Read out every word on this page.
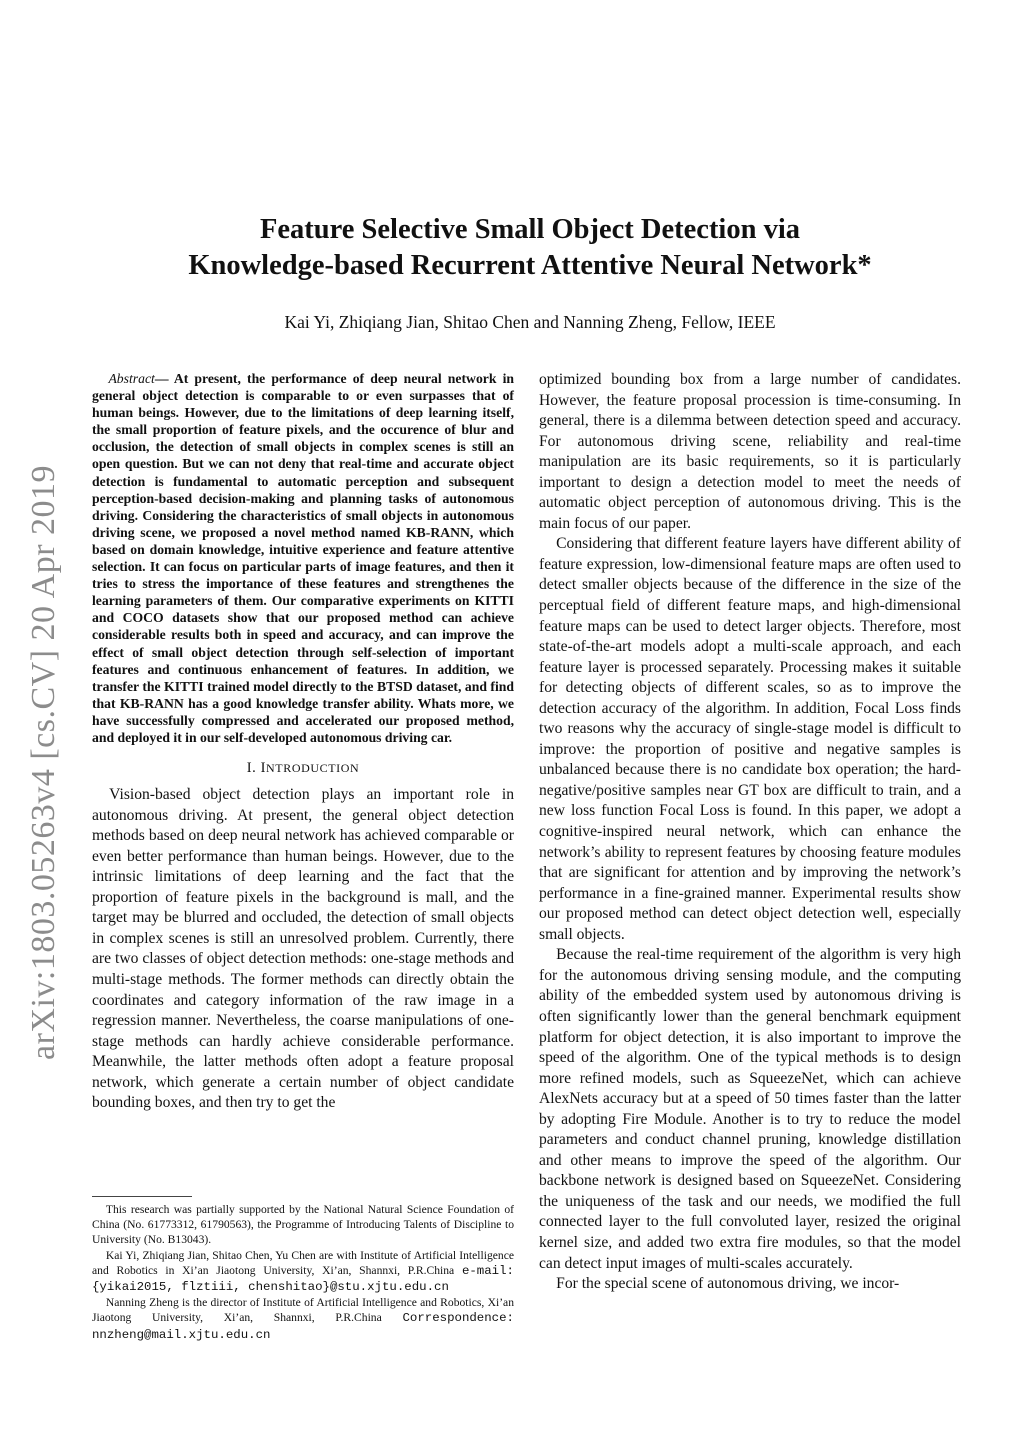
arXiv:1803.05263v4 [cs.CV] 20 Apr 2019
Feature Selective Small Object Detection via
Knowledge-based Recurrent Attentive Neural Network*
Kai Yi, Zhiqiang Jian, Shitao Chen and Nanning Zheng, Fellow, IEEE

Abstract— At present, the performance of deep neural network in general object detection is comparable to or even surpasses that of human beings. However, due to the limitations of deep learning itself, the small proportion of feature pixels, and the occurence of blur and occlusion, the detection of small objects in complex scenes is still an open question. But we can not deny that real-time and accurate object detection is fundamental to automatic perception and subsequent perception-based decision-making and planning tasks of autonomous driving. Considering the characteristics of small objects in autonomous driving scene, we proposed a novel method named KB-RANN, which based on domain knowledge, intuitive experience and feature attentive selection. It can focus on particular parts of image features, and then it tries to stress the importance of these features and strengthenes the learning parameters of them. Our comparative experiments on KITTI and COCO datasets show that our proposed method can achieve considerable results both in speed and accuracy, and can improve the effect of small object detection through self-selection of important features and continuous enhancement of features. In addition, we transfer the KITTI trained model directly to the BTSD dataset, and find that KB-RANN has a good knowledge transfer ability. Whats more, we have successfully compressed and accelerated our proposed method, and deployed it in our self-developed autonomous driving car.

I. INTRODUCTION

Vision-based object detection plays an important role in autonomous driving. At present, the general object detection methods based on deep neural network has achieved comparable or even better performance than human beings. However, due to the intrinsic limitations of deep learning and the fact that the proportion of feature pixels in the background is mall, and the target may be blurred and occluded, the detection of small objects in complex scenes is still an unresolved problem. Currently, there are two classes of object detection methods: one-stage methods and multi-stage methods. The former methods can directly obtain the coordinates and category information of the raw image in a regression manner. Nevertheless, the coarse manipulations of one-stage methods can hardly achieve considerable performance. Meanwhile, the latter methods often adopt a feature proposal network, which generate a certain number of object candidate bounding boxes, and then try to get the

This research was partially supported by the National Natural Science Foundation of China (No. 61773312, 61790563), the Programme of Introducing Talents of Discipline to University (No. B13043).

Kai Yi, Zhiqiang Jian, Shitao Chen, Yu Chen are with Institute of Artificial Intelligence and Robotics in Xi’an Jiaotong University, Xi’an, Shannxi, P.R.China e-mail:{yikai2015, flztiii, chenshitao}@stu.xjtu.edu.cn

Nanning Zheng is the director of Institute of Artificial Intelligence and Robotics, Xi’an Jiaotong University, Xi’an, Shannxi, P.R.China Correspondence: nnzheng@mail.xjtu.edu.cn

optimized bounding box from a large number of candidates. However, the feature proposal procession is time-consuming. In general, there is a dilemma between detection speed and accuracy. For autonomous driving scene, reliability and real-time manipulation are its basic requirements, so it is particularly important to design a detection model to meet the needs of automatic object perception of autonomous driving. This is the main focus of our paper.

Considering that different feature layers have different ability of feature expression, low-dimensional feature maps are often used to detect smaller objects because of the difference in the size of the perceptual field of different feature maps, and high-dimensional feature maps can be used to detect larger objects. Therefore, most state-of-the-art models adopt a multi-scale approach, and each feature layer is processed separately. Processing makes it suitable for detecting objects of different scales, so as to improve the detection accuracy of the algorithm. In addition, Focal Loss finds two reasons why the accuracy of single-stage model is difficult to improve: the proportion of positive and negative samples is unbalanced because there is no candidate box operation; the hard-negative/positive samples near GT box are difficult to train, and a new loss function Focal Loss is found. In this paper, we adopt a cognitive-inspired neural network, which can enhance the network’s ability to represent features by choosing feature modules that are significant for attention and by improving the network’s performance in a fine-grained manner. Experimental results show our proposed method can detect object detection well, especially small objects.

Because the real-time requirement of the algorithm is very high for the autonomous driving sensing module, and the computing ability of the embedded system used by autonomous driving is often significantly lower than the general benchmark equipment platform for object detection, it is also important to improve the speed of the algorithm. One of the typical methods is to design more refined models, such as SqueezeNet, which can achieve AlexNets accuracy but at a speed of 50 times faster than the latter by adopting Fire Module. Another is to try to reduce the model parameters and conduct channel pruning, knowledge distillation and other means to improve the speed of the algorithm. Our backbone network is designed based on SqueezeNet. Considering the uniqueness of the task and our needs, we modified the full connected layer to the full convoluted layer, resized the original kernel size, and added two extra fire modules, so that the model can detect input images of multi-scales accurately.

For the special scene of autonomous driving, we incor-
